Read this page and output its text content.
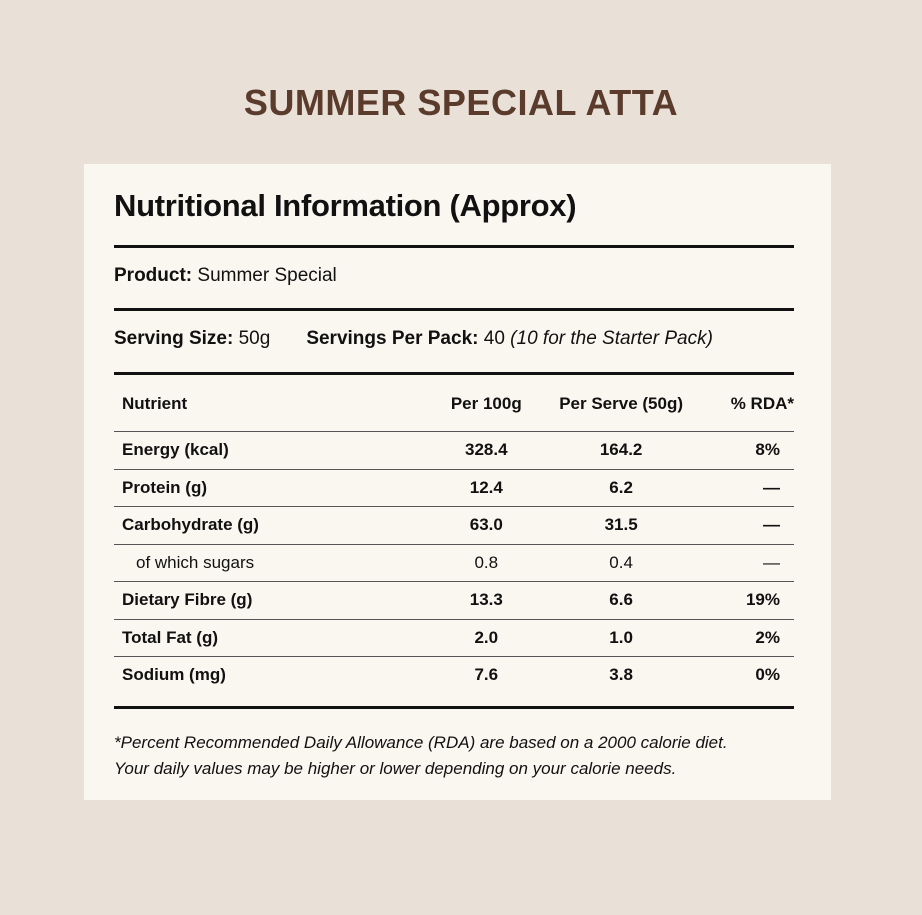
SUMMER SPECIAL ATTA
Nutritional Information (Approx)
Product: Summer Special
Serving Size: 50g Servings Per Pack: 40 (10 for the Starter Pack)
Nutrient	Per 100g	Per Serve (50g)	% RDA*
Energy (kcal)	328.4	164.2	8%
Protein (g)	12.4	6.2	—
Carbohydrate (g)	63.0	31.5	—
of which sugars	0.8	0.4	—
Dietary Fibre (g)	13.3	6.6	19%
Total Fat (g)	2.0	1.0	2%
Sodium (mg)	7.6	3.8	0%
*Percent Recommended Daily Allowance (RDA) are based on a 2000 calorie diet.
Your daily values may be higher or lower depending on your calorie needs.
